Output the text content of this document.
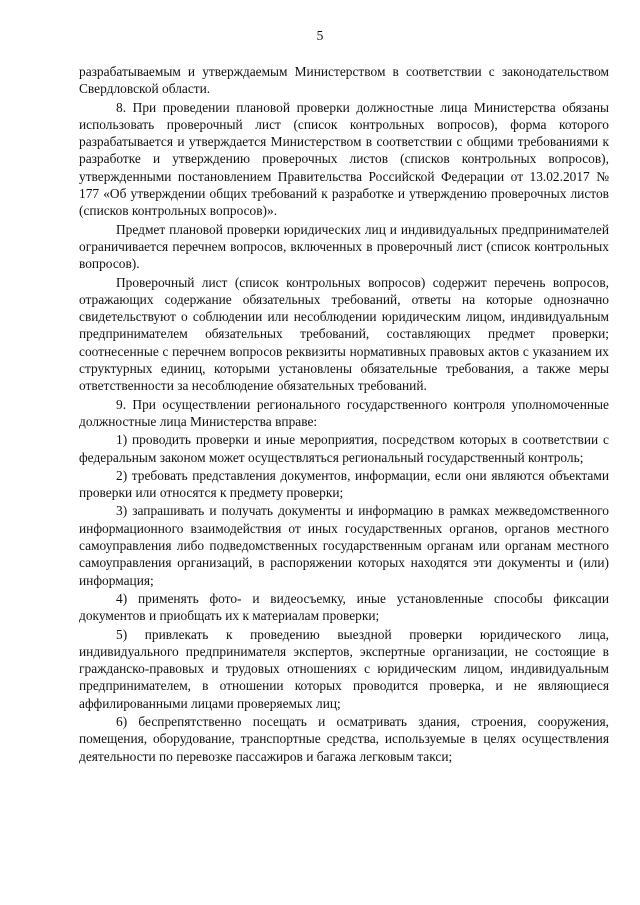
5

разрабатываемым и утверждаемым Министерством в соответствии с законодательством Свердловской области.

8. При проведении плановой проверки должностные лица Министерства обязаны использовать проверочный лист (список контрольных вопросов), форма которого разрабатывается и утверждается Министерством в соответствии с общими требованиями к разработке и утверждению проверочных листов (списков контрольных вопросов), утвержденными постановлением Правительства Российской Федерации от 13.02.2017 № 177 «Об утверждении общих требований к разработке и утверждению проверочных листов (списков контрольных вопросов)».

Предмет плановой проверки юридических лиц и индивидуальных предпринимателей ограничивается перечнем вопросов, включенных в проверочный лист (список контрольных вопросов).

Проверочный лист (список контрольных вопросов) содержит перечень вопросов, отражающих содержание обязательных требований, ответы на которые однозначно свидетельствуют о соблюдении или несоблюдении юридическим лицом, индивидуальным предпринимателем обязательных требований, составляющих предмет проверки; соотнесенные с перечнем вопросов реквизиты нормативных правовых актов с указанием их структурных единиц, которыми установлены обязательные требования, а также меры ответственности за несоблюдение обязательных требований.

9. При осуществлении регионального государственного контроля уполномоченные должностные лица Министерства вправе:

1) проводить проверки и иные мероприятия, посредством которых в соответствии с федеральным законом может осуществляться региональный государственный контроль;

2) требовать представления документов, информации, если они являются объектами проверки или относятся к предмету проверки;

3) запрашивать и получать документы и информацию в рамках межведомственного информационного взаимодействия от иных государственных органов, органов местного самоуправления либо подведомственных государственным органам или органам местного самоуправления организаций, в распоряжении которых находятся эти документы и (или) информация;

4) применять фото- и видеосъемку, иные установленные способы фиксации документов и приобщать их к материалам проверки;

5) привлекать к проведению выездной проверки юридического лица, индивидуального предпринимателя экспертов, экспертные организации, не состоящие в гражданско-правовых и трудовых отношениях с юридическим лицом, индивидуальным предпринимателем, в отношении которых проводится проверка, и не являющиеся аффилированными лицами проверяемых лиц;

6) беспрепятственно посещать и осматривать здания, строения, сооружения, помещения, оборудование, транспортные средства, используемые в целях осуществления деятельности по перевозке пассажиров и багажа легковым такси;
